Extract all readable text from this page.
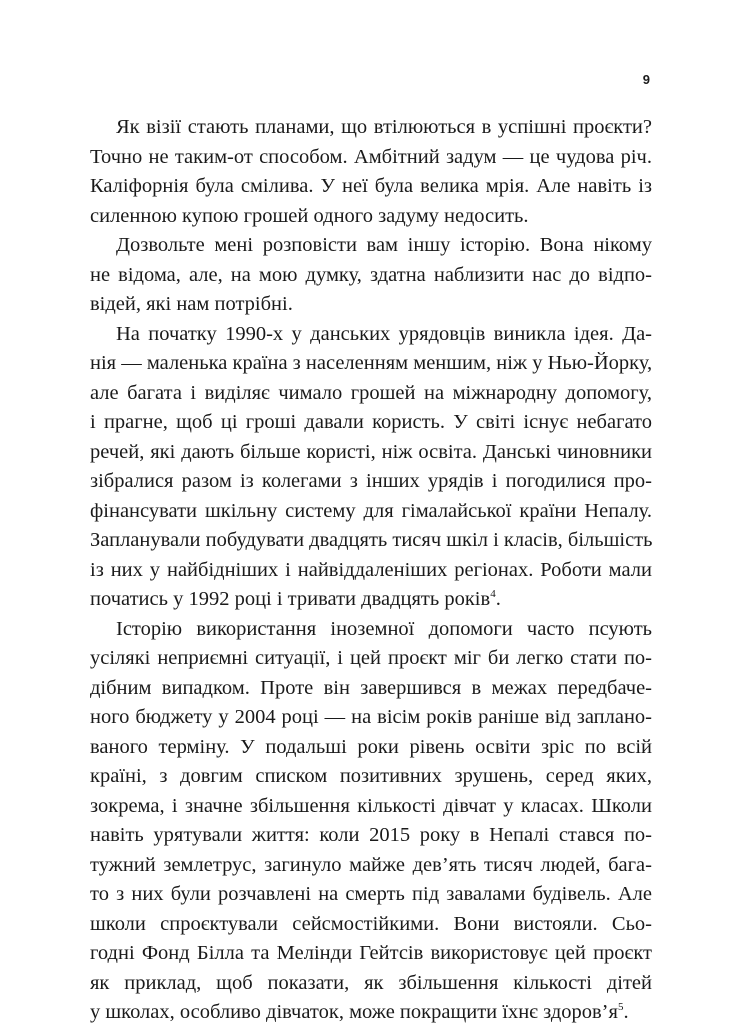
9
Як візії стають планами, що втілюються в успішні проєкти?
Точно не таким-от способом. Амбітний задум — це чудова річ.
Каліфорнія була смілива. У неї була велика мрія. Але навіть із
силенною купою грошей одного задуму недосить.
Дозвольте мені розповісти вам іншу історію. Вона нікому
не відома, але, на мою думку, здатна наблизити нас до відпо-
відей, які нам потрібні.
На початку 1990-х у данських урядовців виникла ідея. Да-
нія — маленька країна з населенням меншим, ніж у Нью-Йорку,
але багата і виділяє чимало грошей на міжнародну допомогу,
і прагне, щоб ці гроші давали користь. У світі існує небагато
речей, які дають більше користі, ніж освіта. Данські чиновники
зібралися разом із колегами з інших урядів і погодилися про-
фінансувати шкільну систему для гімалайської країни Непалу.
Запланували побудувати двадцять тисяч шкіл і класів, більшість
із них у найбідніших і найвіддаленіших регіонах. Роботи мали
початись у 1992 році і тривати двадцять років$^4$.
Історію використання іноземної допомоги часто псують
усілякі неприємні ситуації, і цей проєкт міг би легко стати по-
дібним випадком. Проте він завершився в межах передбаче-
ного бюджету у 2004 році — на вісім років раніше від заплано-
ваного терміну. У подальші роки рівень освіти зріс по всій
країні, з довгим списком позитивних зрушень, серед яких,
зокрема, і значне збільшення кількості дівчат у класах. Школи
навіть урятували життя: коли 2015 року в Непалі стався по-
тужний землетрус, загинуло майже дев’ять тисяч людей, бага-
то з них були розчавлені на смерть під завалами будівель. Але
школи спроєктували сейсмостійкими. Вони вистояли. Сьо-
годні Фонд Білла та Мелінди Гейтсів використовує цей проєкт
як приклад, щоб показати, як збільшення кількості дітей
у школах, особливо дівчаток, може покращити їхнє здоров’я$^5$.
